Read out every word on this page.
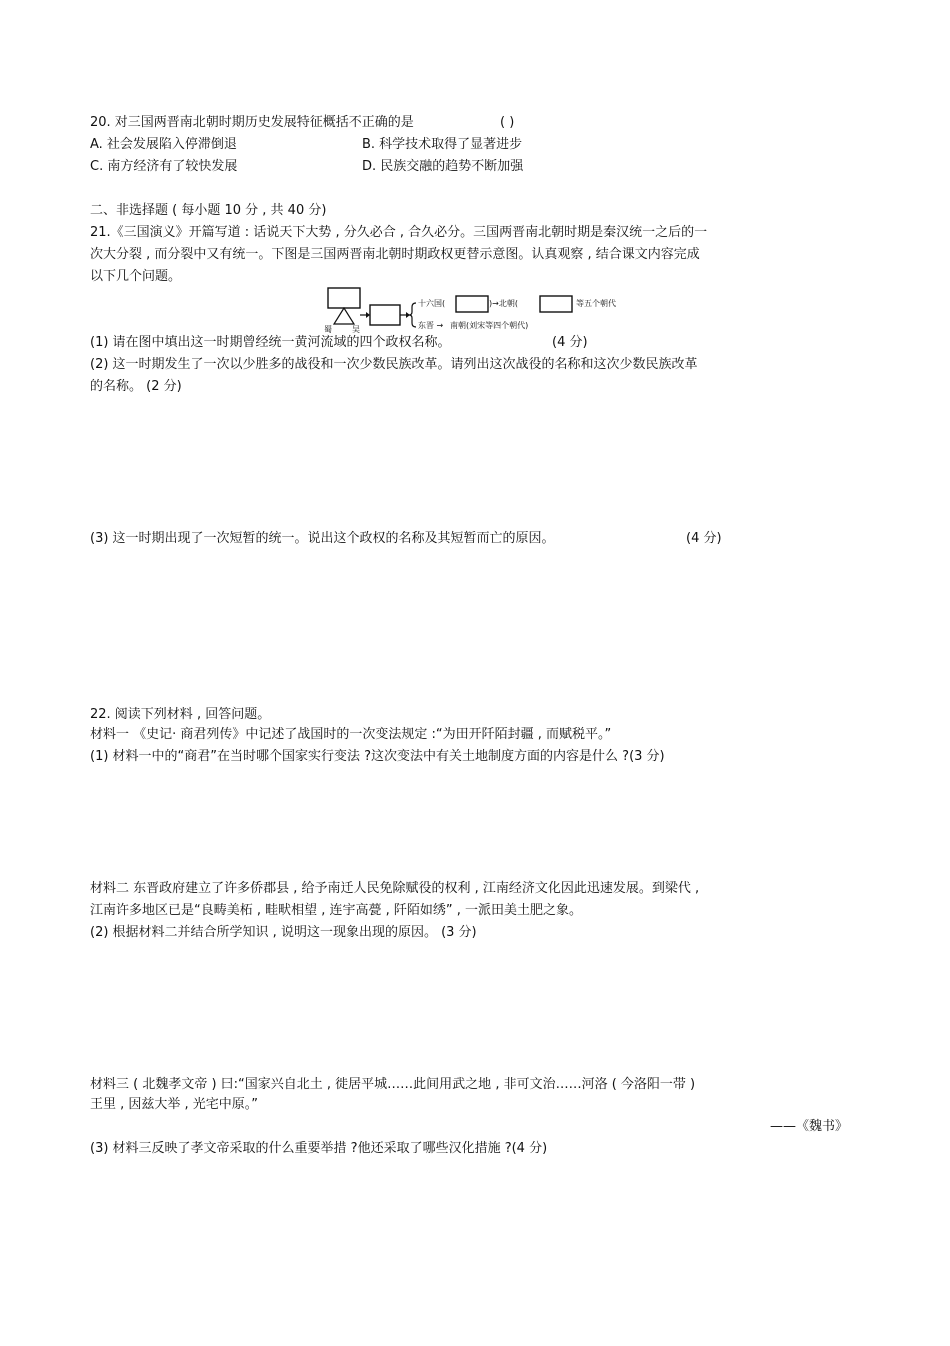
20. 对三国两晋南北朝时期历史发展特征概括不正确的是	( )
A. 社会发展陷入停滞倒退	B. 科学技术取得了显著进步
C. 南方经济有了较快发展	D. 民族交融的趋势不断加强
二、非选择题 ( 每小题 10 分 , 共 40 分)
21.《三国演义》开篇写道 : 话说天下大势 , 分久必合 , 合久必分。三国两晋南北朝时期是秦汉统一之后的一
次大分裂 , 而分裂中又有统一。下图是三国两晋南北朝时期政权更替示意图。认真观察 , 结合课文内容完成
以下几个问题。
蜀	吴
十六国(	)→北朝(	等五个朝代
东晋 → 南朝(刘宋等四个朝代)
(1) 请在图中填出这一时期曾经统一黄河流域的四个政权名称。	(4 分)
(2) 这一时期发生了一次以少胜多的战役和一次少数民族改革。请列出这次战役的名称和这次少数民族改革
的名称。 (2 分)
(3) 这一时期出现了一次短暂的统一。说出这个政权的名称及其短暂而亡的原因。	(4 分)
22. 阅读下列材料 , 回答问题。
材料一 《史记· 商君列传》中记述了战国时的一次变法规定 :“为田开阡陌封疆 , 而赋税平。”
(1) 材料一中的“商君”在当时哪个国家实行变法 ?这次变法中有关土地制度方面的内容是什么 ?(3 分)
材料二 东晋政府建立了许多侨郡县 , 给予南迁人民免除赋役的权利 , 江南经济文化因此迅速发展。到梁代 ,
江南许多地区已是“良畴美柘 , 畦畎相望 , 连宇高甍 , 阡陌如绣” , 一派田美土肥之象。
(2) 根据材料二并结合所学知识 , 说明这一现象出现的原因。 (3 分)
材料三 ( 北魏孝文帝 ) 曰:“国家兴自北土 , 徙居平城……此间用武之地 , 非可文治……河洛 ( 今洛阳一带 )
王里 , 因兹大举 , 光宅中原。”
——《魏书》
(3) 材料三反映了孝文帝采取的什么重要举措 ?他还采取了哪些汉化措施 ?(4 分)
